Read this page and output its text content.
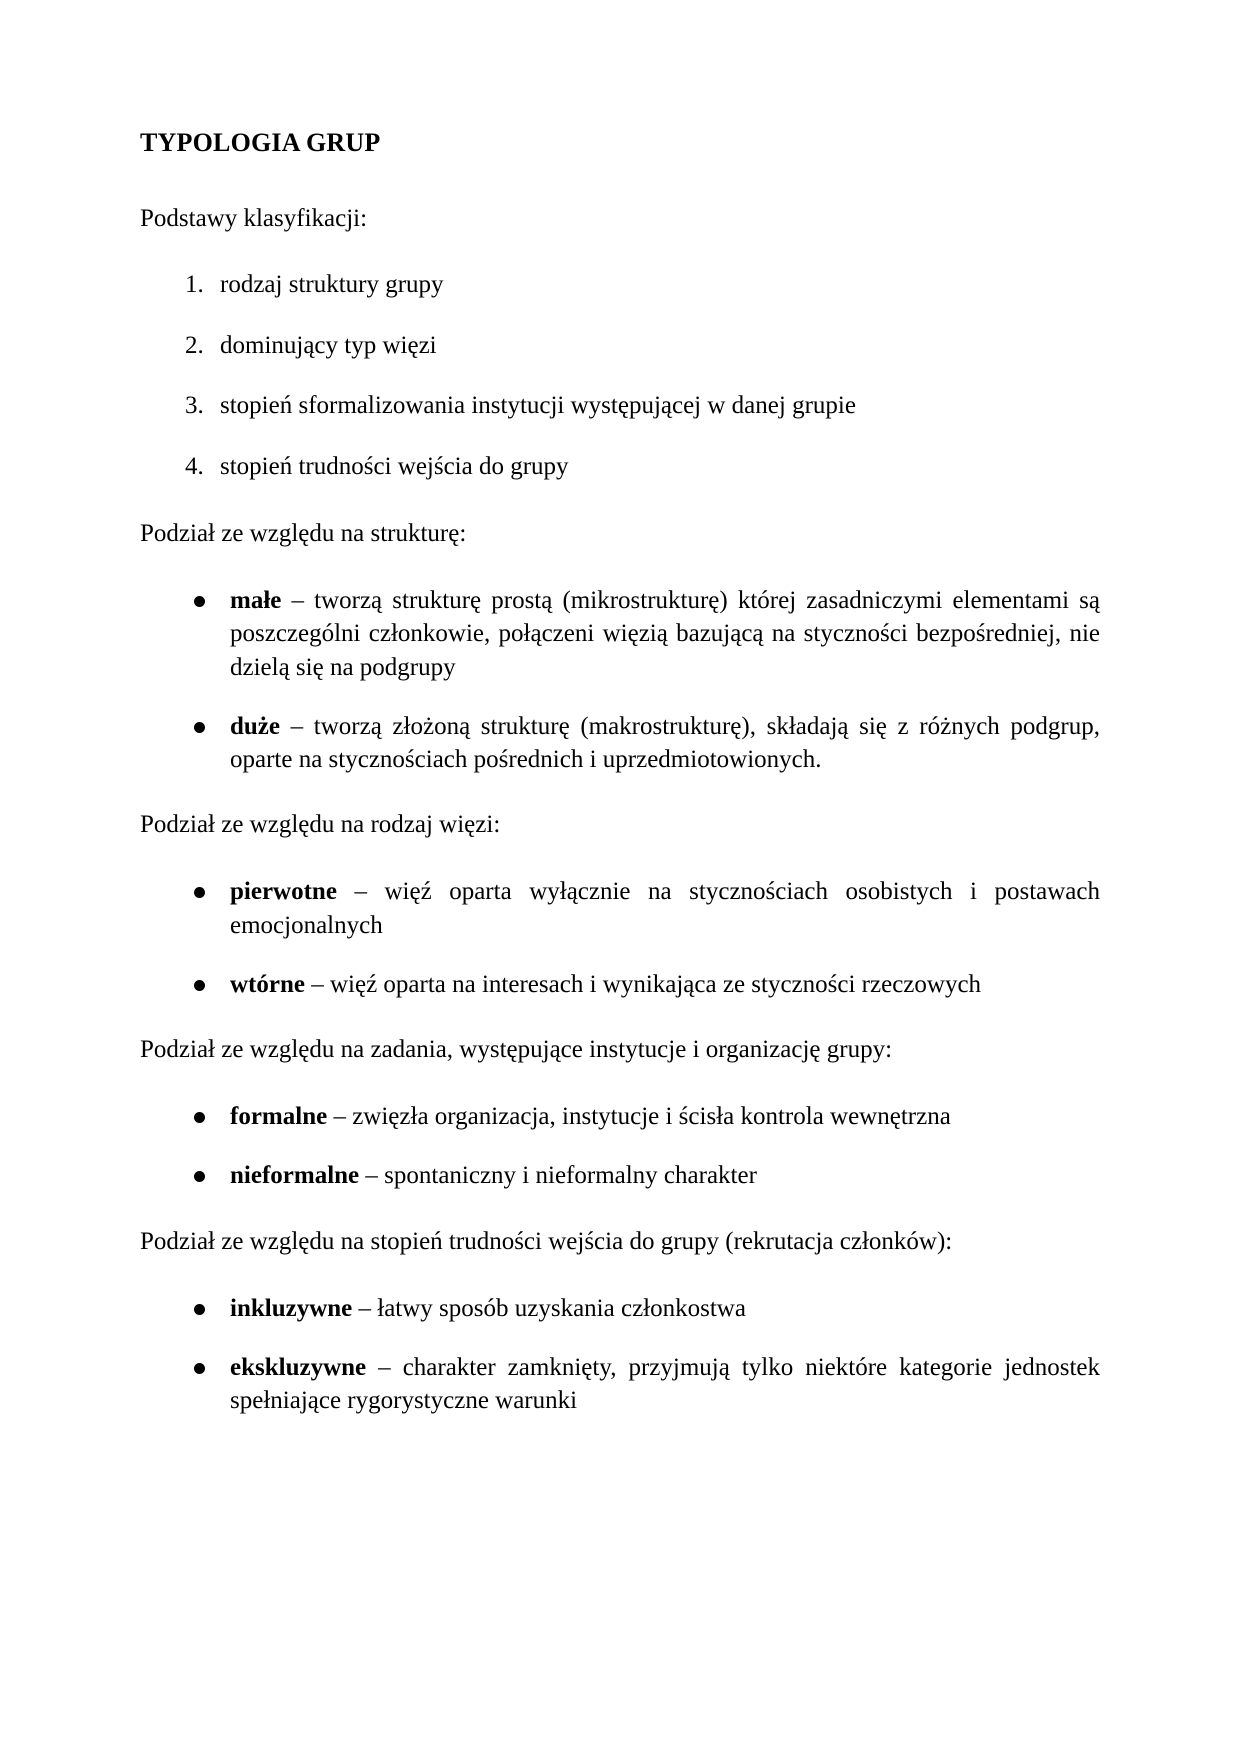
TYPOLOGIA GRUP

Podstawy klasyfikacji:

1. rodzaj struktury grupy
2. dominujący typ więzi
3. stopień sformalizowania instytucji występującej w danej grupie
4. stopień trudności wejścia do grupy

Podział ze względu na strukturę:

małe – tworzą strukturę prostą (mikrostrukturę) której zasadniczymi elementami są poszczególni członkowie, połączeni więzią bazującą na styczności bezpośredniej, nie dzielą się na podgrupy
duże – tworzą złożoną strukturę (makrostrukturę), składają się z różnych podgrup, oparte na stycznościach pośrednich i uprzedmiotowionych.

Podział ze względu na rodzaj więzi:

pierwotne – więź oparta wyłącznie na stycznościach osobistych i postawach emocjonalnych
wtórne – więź oparta na interesach i wynikająca ze styczności rzeczowych

Podział ze względu na zadania, występujące instytucje i organizację grupy:

formalne – zwięzła organizacja, instytucje i ścisła kontrola wewnętrzna
nieformalne – spontaniczny i nieformalny charakter

Podział ze względu na stopień trudności wejścia do grupy (rekrutacja członków):

inkluzywne – łatwy sposób uzyskania członkostwa
ekskluzywne – charakter zamknięty, przyjmują tylko niektóre kategorie jednostek spełniające rygorystyczne warunki
